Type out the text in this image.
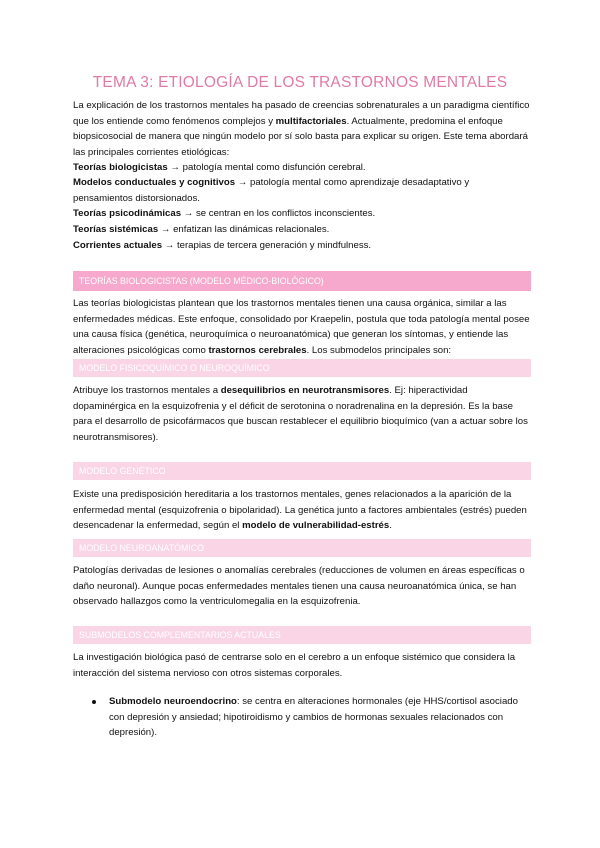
TEMA 3: ETIOLOGÍA DE LOS TRASTORNOS MENTALES

La explicación de los trastornos mentales ha pasado de creencias sobrenaturales a un paradigma científico que los entiende como fenómenos complejos y multifactoriales. Actualmente, predomina el enfoque biopsicosocial de manera que ningún modelo por sí solo basta para explicar su origen. Este tema abordará las principales corrientes etiológicas:

Teorías biologicistas → patología mental como disfunción cerebral.

Modelos conductuales y cognitivos → patología mental como aprendizaje desadaptativo y pensamientos distorsionados.

Teorías psicodinámicas → se centran en los conflictos inconscientes.

Teorías sistémicas → enfatizan las dinámicas relacionales.

Corrientes actuales → terapias de tercera generación y mindfulness.

TEORÍAS BIOLOGICISTAS (MODELO MÉDICO-BIOLÓGICO)

Las teorías biologicistas plantean que los trastornos mentales tienen una causa orgánica, similar a las enfermedades médicas. Este enfoque, consolidado por Kraepelin, postula que toda patología mental posee una causa física (genética, neuroquímica o neuroanatómica) que generan los síntomas, y entiende las alteraciones psicológicas como trastornos cerebrales. Los submodelos principales son:

MODELO FISICOQUÍMICO O NEUROQUÍMICO

Atribuye los trastornos mentales a desequilibrios en neurotransmisores. Ej: hiperactividad dopaminérgica en la esquizofrenia y el déficit de serotonina o noradrenalina en la depresión. Es la base para el desarrollo de psicofármacos que buscan restablecer el equilibrio bioquímico (van a actuar sobre los neurotransmisores).

MODELO GENÉTICO

Existe una predisposición hereditaria a los trastornos mentales, genes relacionados a la aparición de la enfermedad mental (esquizofrenia o bipolaridad). La genética junto a factores ambientales (estrés) pueden desencadenar la enfermedad, según el modelo de vulnerabilidad-estrés.

MODELO NEUROANATÓMICO

Patologías derivadas de lesiones o anomalías cerebrales (reducciones de volumen en áreas específicas o daño neuronal). Aunque pocas enfermedades mentales tienen una causa neuroanatómica única, se han observado hallazgos como la ventriculomegalia en la esquizofrenia.

SUBMODELOS COMPLEMENTARIOS ACTUALES

La investigación biológica pasó de centrarse solo en el cerebro a un enfoque sistémico que considera la interacción del sistema nervioso con otros sistemas corporales.

Submodelo neuroendocrino: se centra en alteraciones hormonales (eje HHS/cortisol asociado con depresión y ansiedad; hipotiroidismo y cambios de hormonas sexuales relacionados con depresión).
